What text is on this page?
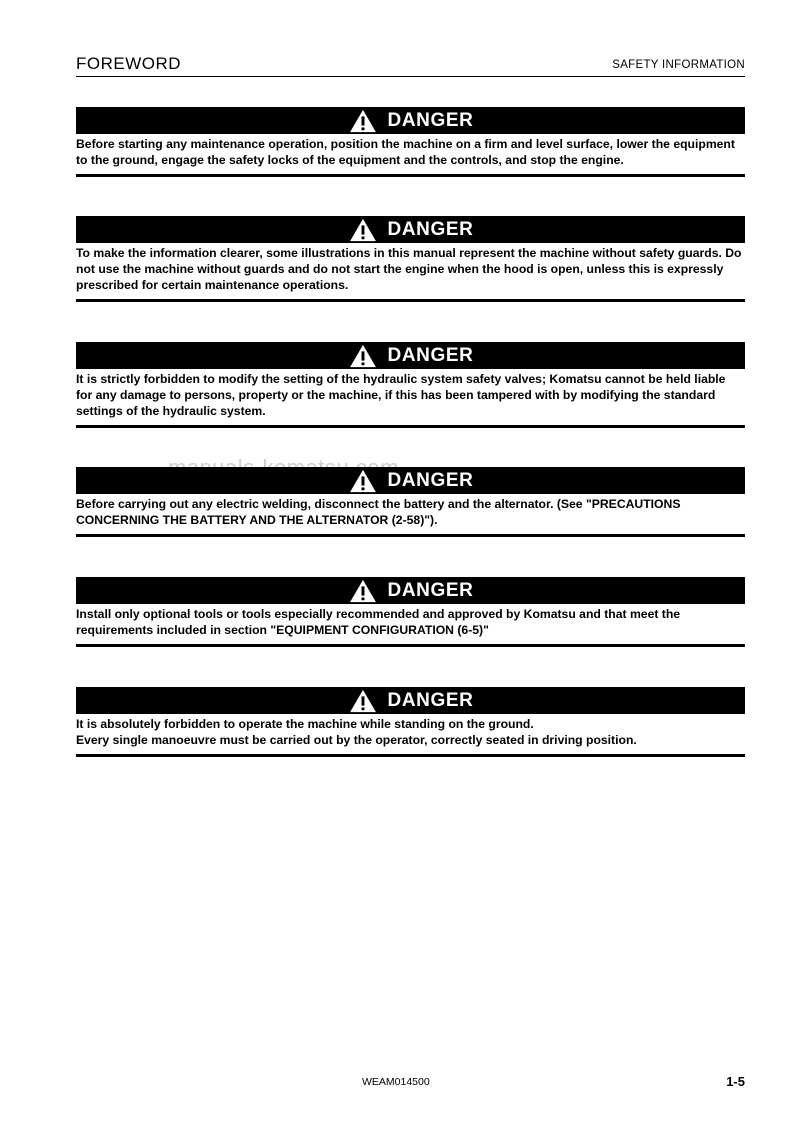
FOREWORD	SAFETY INFORMATION
DANGER

Before starting any maintenance operation, position the machine on a firm and level surface, lower the equipment to the ground, engage the safety locks of the equipment and the controls, and stop the engine.

DANGER

To make the information clearer, some illustrations in this manual represent the machine without safety guards. Do not use the machine without guards and do not start the engine when the hood is open, unless this is expressly prescribed for certain maintenance operations.

DANGER

It is strictly forbidden to modify the setting of the hydraulic system safety valves; Komatsu cannot be held liable for any damage to persons, property or the machine, if this has been tampered with by modifying the standard settings of the hydraulic system.

DANGER

Before carrying out any electric welding, disconnect the battery and the alternator. (See "PRECAUTIONS CONCERNING THE BATTERY AND THE ALTERNATOR (2-58)").

DANGER

Install only optional tools or tools especially recommended and approved by Komatsu and that meet the requirements included in section "EQUIPMENT CONFIGURATION (6-5)"

DANGER

It is absolutely forbidden to operate the machine while standing on the ground.

Every single manoeuvre must be carried out by the operator, correctly seated in driving position.

WEAM014500	1-5
